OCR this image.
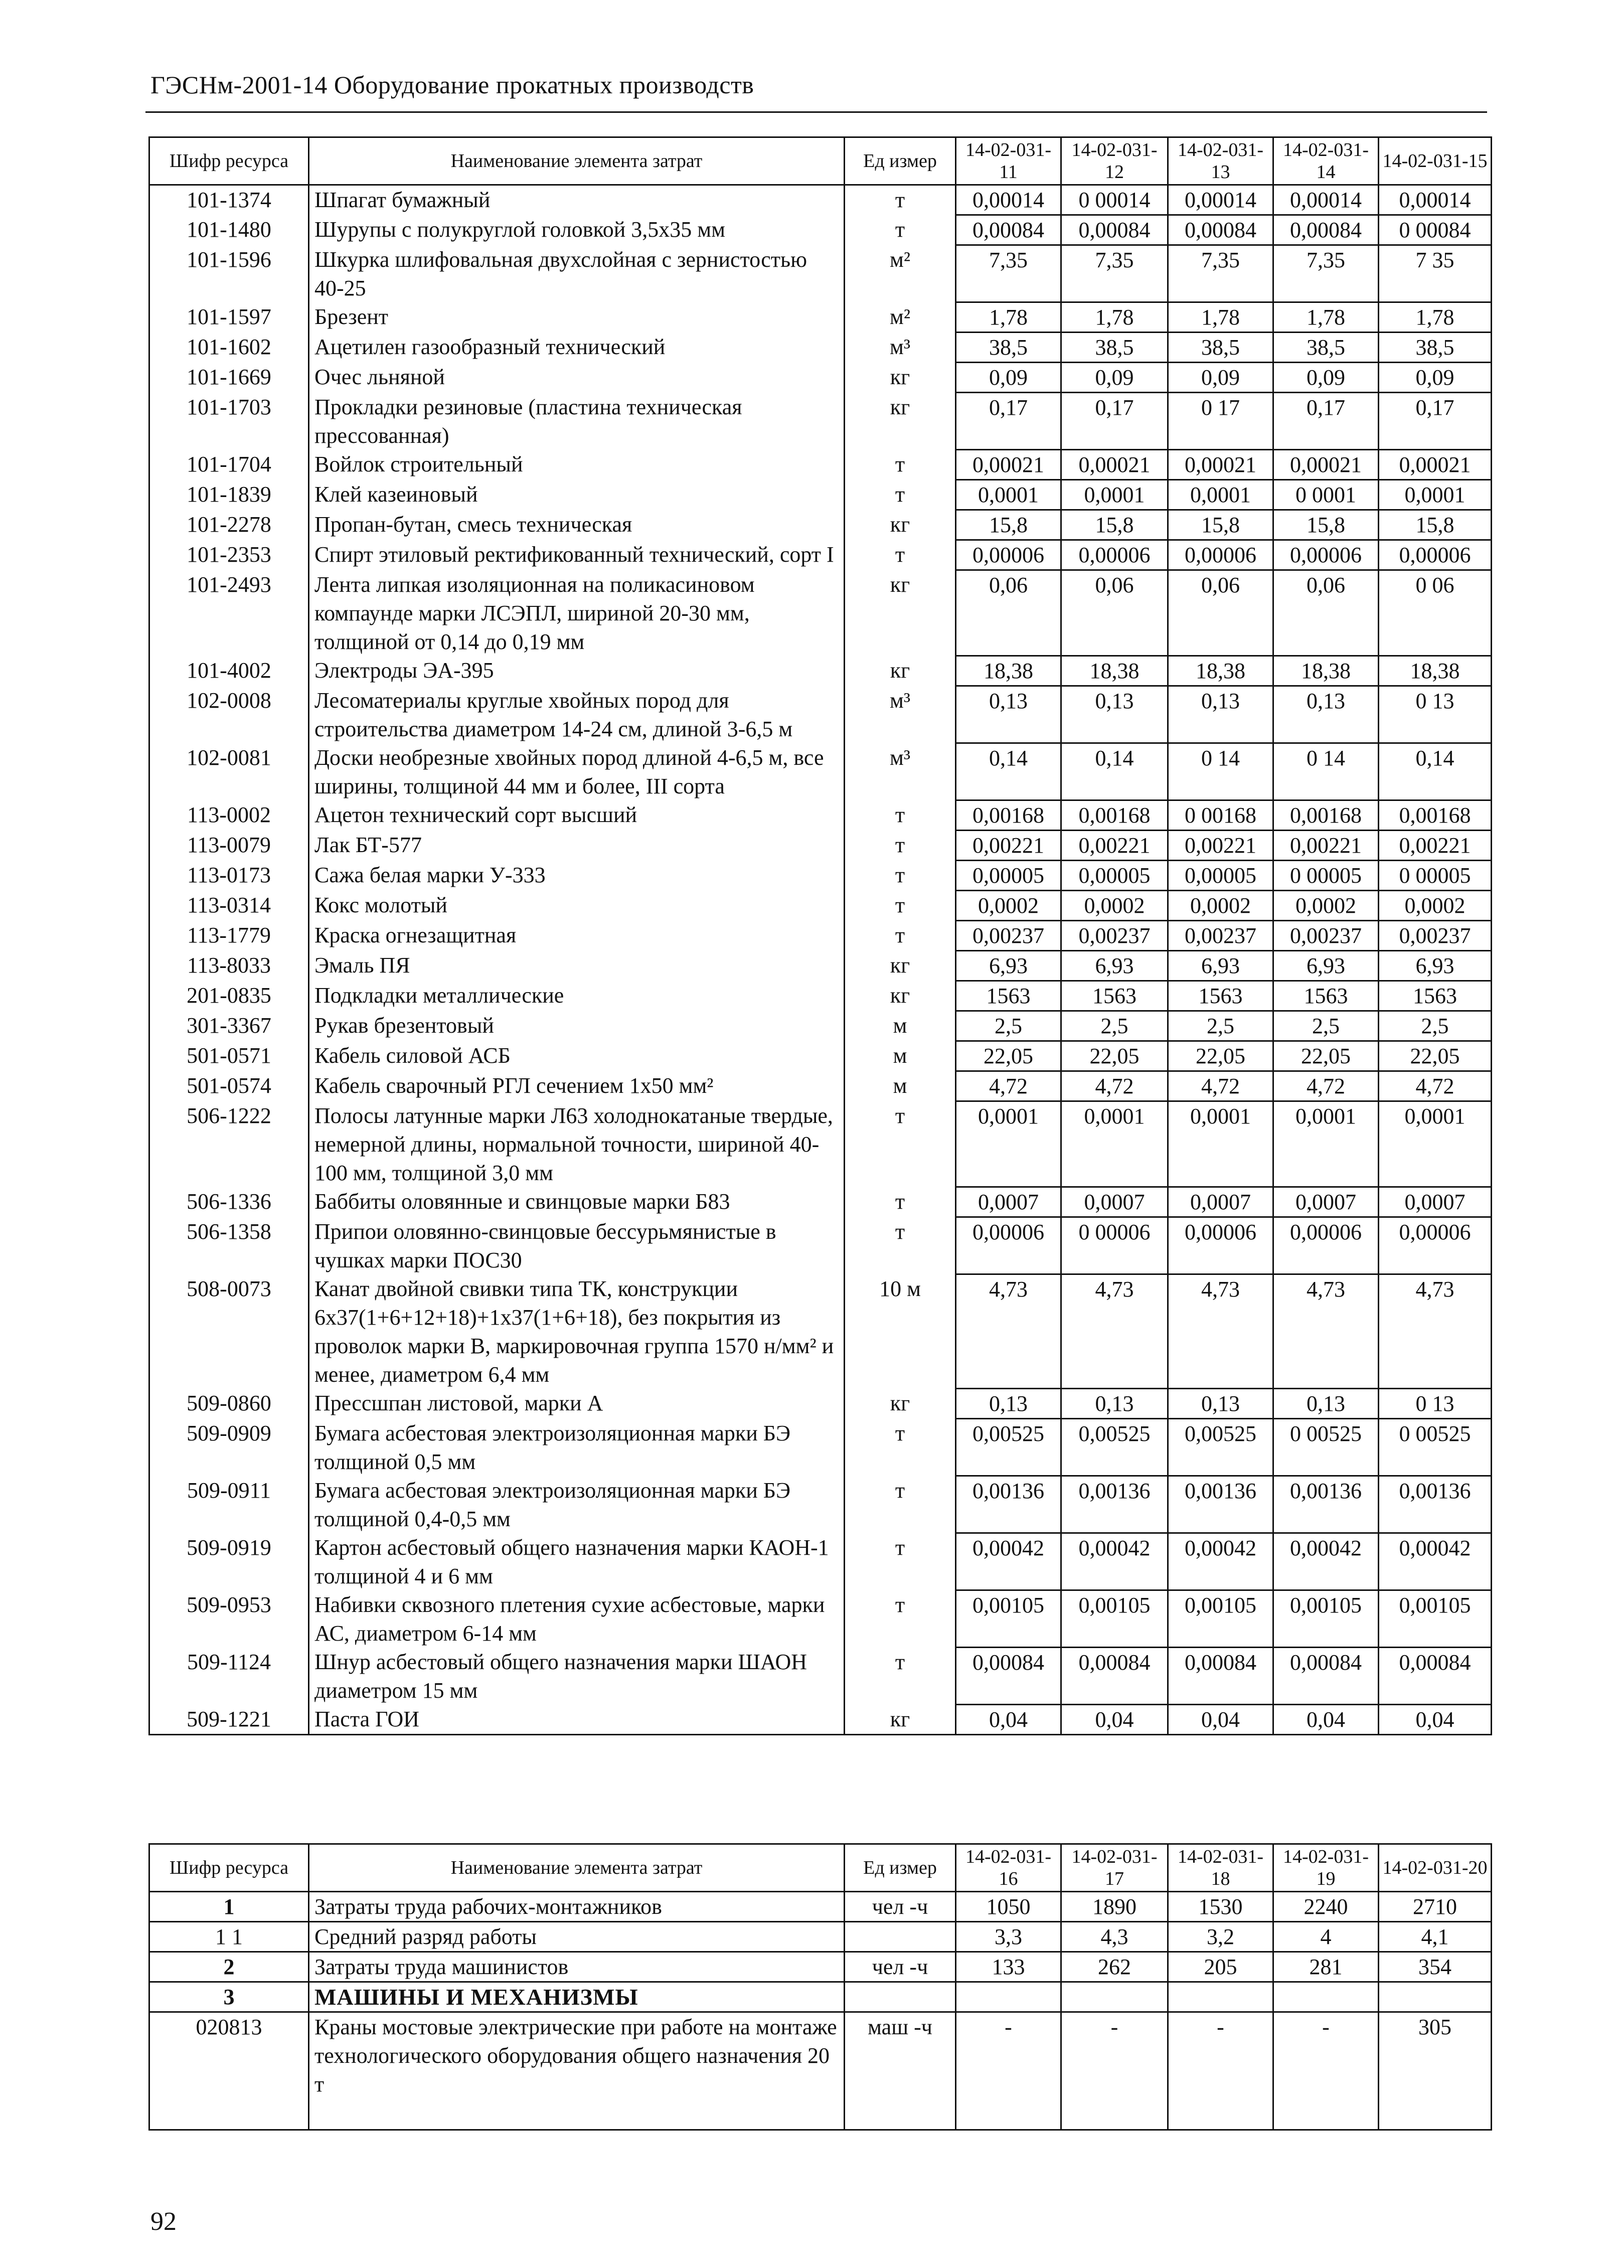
ГЭСНм-2001-14 Оборудование прокатных производств
Шифр ресурса	Наименование элемента затрат	Ед измер	14-02-031-11	14-02-031-12	14-02-031-13	14-02-031-14	14-02-031-15
101-1374	Шпагат бумажный	т	0,00014	0 00014	0,00014	0,00014	0,00014
101-1480	Шурупы с полукруглой головкой 3,5х35 мм	т	0,00084	0,00084	0,00084	0,00084	0 00084
101-1596	Шкурка шлифовальная двухслойная с зернистостью 40-25	м²	7,35	7,35	7,35	7,35	7 35
101-1597	Брезент	м²	1,78	1,78	1,78	1,78	1,78
101-1602	Ацетилен газообразный технический	м³	38,5	38,5	38,5	38,5	38,5
101-1669	Очес льняной	кг	0,09	0,09	0,09	0,09	0,09
101-1703	Прокладки резиновые (пластина техническая прессованная)	кг	0,17	0,17	0 17	0,17	0,17
101-1704	Войлок строительный	т	0,00021	0,00021	0,00021	0,00021	0,00021
101-1839	Клей казеиновый	т	0,0001	0,0001	0,0001	0 0001	0,0001
101-2278	Пропан-бутан, смесь техническая	кг	15,8	15,8	15,8	15,8	15,8
101-2353	Спирт этиловый ректификованный технический, сорт I	т	0,00006	0,00006	0,00006	0,00006	0,00006
101-2493	Лента липкая изоляционная на поликасиновом компаунде марки ЛСЭПЛ, шириной 20-30 мм, толщиной от 0,14 до 0,19 мм	кг	0,06	0,06	0,06	0,06	0 06
101-4002	Электроды ЭА-395	кг	18,38	18,38	18,38	18,38	18,38
102-0008	Лесоматериалы круглые хвойных пород для строительства диаметром 14-24 см, длиной 3-6,5 м	м³	0,13	0,13	0,13	0,13	0 13
102-0081	Доски необрезные хвойных пород длиной 4-6,5 м, все ширины, толщиной 44 мм и более, III сорта	м³	0,14	0,14	0 14	0 14	0,14
113-0002	Ацетон технический сорт высший	т	0,00168	0,00168	0 00168	0,00168	0,00168
113-0079	Лак БТ-577	т	0,00221	0,00221	0,00221	0,00221	0,00221
113-0173	Сажа белая марки У-333	т	0,00005	0,00005	0,00005	0 00005	0 00005
113-0314	Кокс молотый	т	0,0002	0,0002	0,0002	0,0002	0,0002
113-1779	Краска огнезащитная	т	0,00237	0,00237	0,00237	0,00237	0,00237
113-8033	Эмаль ПЯ	кг	6,93	6,93	6,93	6,93	6,93
201-0835	Подкладки металлические	кг	1563	1563	1563	1563	1563
301-3367	Рукав брезентовый	м	2,5	2,5	2,5	2,5	2,5
501-0571	Кабель силовой АСБ	м	22,05	22,05	22,05	22,05	22,05
501-0574	Кабель сварочный РГЛ сечением 1х50 мм²	м	4,72	4,72	4,72	4,72	4,72
506-1222	Полосы латунные марки Л63 холоднокатаные твердые, немерной длины, нормальной точности, шириной 40-100 мм, толщиной 3,0 мм	т	0,0001	0,0001	0,0001	0,0001	0,0001
506-1336	Баббиты оловянные и свинцовые марки Б83	т	0,0007	0,0007	0,0007	0,0007	0,0007
506-1358	Припои оловянно-свинцовые бессурьмянистые в чушках марки ПОС30	т	0,00006	0 00006	0,00006	0,00006	0,00006
508-0073	Канат двойной свивки типа ТК, конструкции 6х37(1+6+12+18)+1х37(1+6+18), без покрытия из проволок марки В, маркировочная группа 1570 н/мм² и менее, диаметром 6,4 мм	10 м	4,73	4,73	4,73	4,73	4,73
509-0860	Прессшпан листовой, марки А	кг	0,13	0,13	0,13	0,13	0 13
509-0909	Бумага асбестовая электроизоляционная марки БЭ толщиной 0,5 мм	т	0,00525	0,00525	0,00525	0 00525	0 00525
509-0911	Бумага асбестовая электроизоляционная марки БЭ толщиной 0,4-0,5 мм	т	0,00136	0,00136	0,00136	0,00136	0,00136
509-0919	Картон асбестовый общего назначения марки КАОН-1 толщиной 4 и 6 мм	т	0,00042	0,00042	0,00042	0,00042	0,00042
509-0953	Набивки сквозного плетения сухие асбестовые, марки АС, диаметром 6-14 мм	т	0,00105	0,00105	0,00105	0,00105	0,00105
509-1124	Шнур асбестовый общего назначения марки ШАОН диаметром 15 мм	т	0,00084	0,00084	0,00084	0,00084	0,00084
509-1221	Паста ГОИ	кг	0,04	0,04	0,04	0,04	0,04
Шифр ресурса	Наименование элемента затрат	Ед измер	14-02-031-16	14-02-031-17	14-02-031-18	14-02-031-19	14-02-031-20
1	Затраты труда рабочих-монтажников	чел -ч	1050	1890	1530	2240	2710
1 1	Средний разряд работы		3,3	4,3	3,2	4	4,1
2	Затраты труда машинистов	чел -ч	133	262	205	281	354
3	МАШИНЫ И МЕХАНИЗМЫ						
020813	Краны мостовые электрические при работе на монтаже технологического оборудования общего назначения 20 т	маш -ч	-	-	-	-	305
92
